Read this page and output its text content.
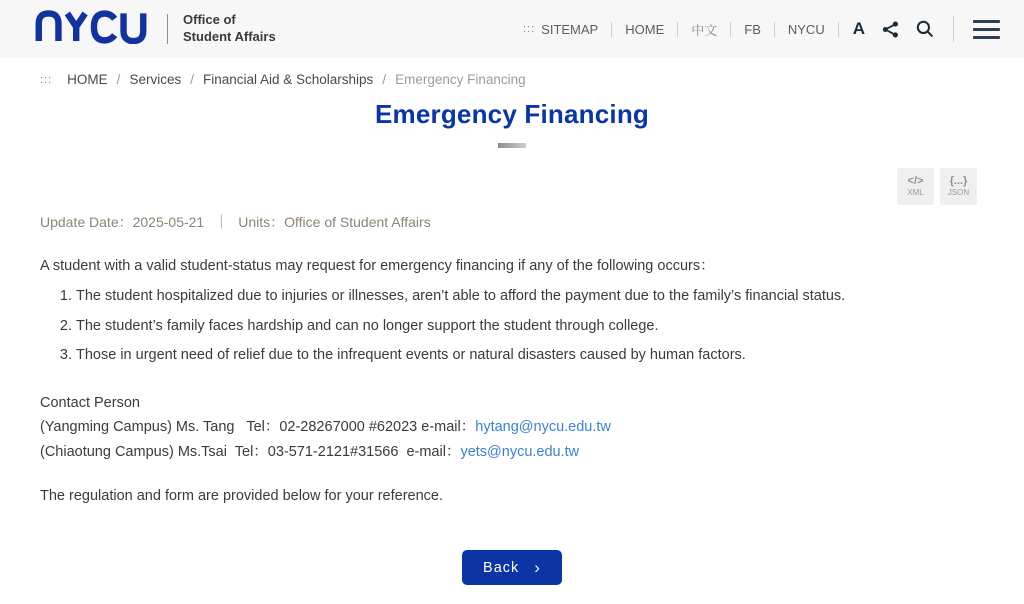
Office of
Student Affairs	::: SITEMAP HOME 中文 FB NYCU A
::: HOME / Services / Financial Aid & Scholarships / Emergency Financing
Emergency Financing
</>
XML
{...}
JSON
Update Date：2025-05-21 ｜ Units：Office of Student Affairs

A student with a valid student-status may request for emergency financing if any of the following occurs：

1. The student hospitalized due to injuries or illnesses, aren’t able to afford the payment due to the family’s financial status.
2. The student’s family faces hardship and can no longer support the student through college.
3. Those in urgent need of relief due to the infrequent events or natural disasters caused by human factors.
Contact Person
(Yangming Campus) Ms. Tang   Tel：02-28267000 #62023 e-mail：hytang@nycu.edu.tw
(Chiaotung Campus) Ms.Tsai  Tel：03-571-2121#31566  e-mail：yets@nycu.edu.tw

The regulation and form are provided below for your reference.

Back ›
